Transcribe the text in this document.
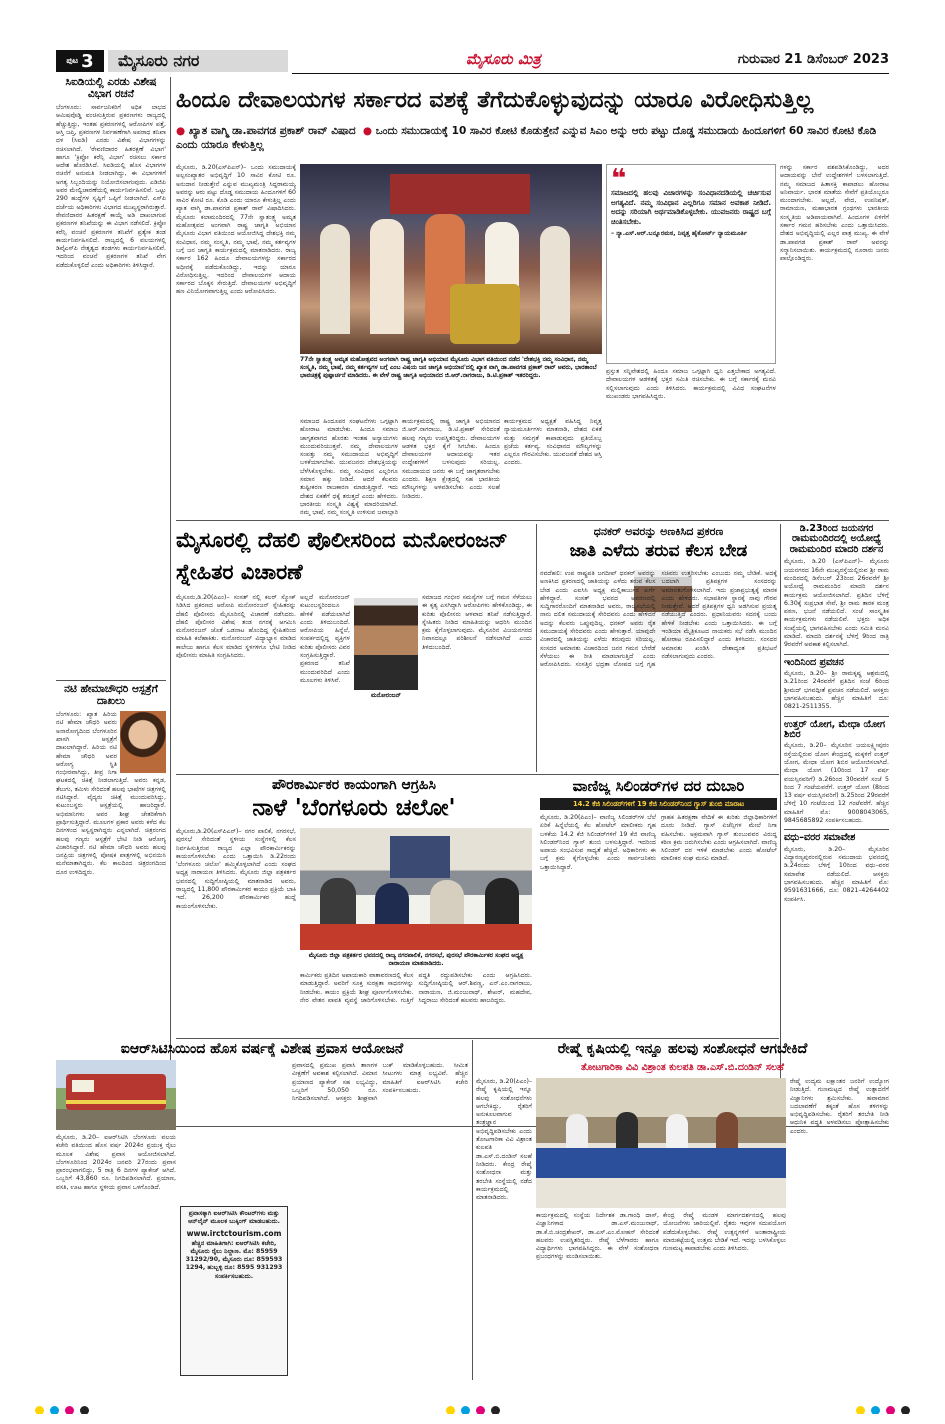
ಪುಟ 3	ಮೈಸೂರು ನಗರ	ಮೈಸೂರು ಮಿತ್ರ	ಗುರುವಾರ 21 ಡಿಸೆಂಬರ್ 2023
ಸಿಐಡಿಯಲ್ಲಿ ಎರಡು ವಿಶೇಷ ವಿಭಾಗ ರಚನೆ
ಬೆಂಗಳೂರು: ಸಾರ್ವಜನಿಕರಿಗೆ ಅಧಿಕ ಲಾಭದ ಆಮಿಷವೊಡ್ಡಿ ವಂಚಿಸುತ್ತಿರುವ ಪ್ರಕರಣಗಳು ರಾಜ್ಯದಲ್ಲಿ ಹೆಚ್ಚುತ್ತಿದ್ದು, ಇಂತಹ ಪ್ರಕರಣಗಳಲ್ಲಿ ಆರೋಪಿಗಳ ಪತ್ತೆ, ಆಸ್ತಿ ಜಪ್ತಿ, ಪ್ರಕರಣಗಳ ನಿರ್ವಹಣೆಗಾಗಿ ಅಪರಾಧ ತನಿಖಾ ದಳ (ಸಿಐಡಿ) ಎರಡು ವಿಶೇಷ ವಿಭಾಗಗಳನ್ನು ರಚಿಸಲಾಗಿದೆ. 'ಠೇವಣಿದಾರರ ಹಿತರಕ್ಷಣೆ ವಿಭಾಗ' ಹಾಗೂ 'ಕ್ರಿಪ್ಟೋ ಕರೆನ್ಸಿ ವಿಭಾಗ' ರಚಿಸಲು ಸರ್ಕಾರ ಆದೇಶ ಹೊರಡಿಸಿದೆ. ಸಿಐಡಿಯಲ್ಲಿ ಹೊಸ ವಿಭಾಗಗಳ ರಚನೆಗೆ ಅನುಮತಿ ನೀಡಲಾಗಿದ್ದು, ಈ ವಿಭಾಗಗಳಿಗೆ ಅಗತ್ಯ ಸಿಬ್ಬಂದಿಯನ್ನು ನಿಯೋಜಿಸಲಾಗುವುದು. ಎಡಿಜಿಪಿ ಅವರ ಮೇಲ್ವಿಚಾರಣೆಯಲ್ಲಿ ಕಾರ್ಯನಿರ್ವಹಿಸಲಿವೆ. ಒಟ್ಟು 290 ಹುದ್ದೆಗಳ ಸೃಷ್ಟಿಗೆ ಒಪ್ಪಿಗೆ ನೀಡಲಾಗಿದೆ. ಎಸ್‌ಪಿ ದರ್ಜೆಯ ಅಧಿಕಾರಿಗಳು ವಿಭಾಗದ ಮುಖ್ಯಸ್ಥರಾಗಿರುತ್ತಾರೆ. ಠೇವಣಿದಾರರ ಹಿತರಕ್ಷಣೆ ಕಾಯ್ದೆ ಅಡಿ ದಾಖಲಾಗುವ ಪ್ರಕರಣಗಳ ತನಿಖೆಯನ್ನು ಈ ವಿಭಾಗ ನಡೆಸಲಿದೆ. ಕ್ರಿಪ್ಟೋ ಕರೆನ್ಸಿ ವಂಚನೆ ಪ್ರಕರಣಗಳ ತನಿಖೆಗೆ ಪ್ರತ್ಯೇಕ ತಂಡ ಕಾರ್ಯನಿರ್ವಹಿಸಲಿದೆ. ರಾಜ್ಯದಲ್ಲಿ 6 ವಲಯಗಳಲ್ಲಿ ಡಿವೈಎಸ್‌ಪಿ ನೇತೃತ್ವದ ತಂಡಗಳು ಕಾರ್ಯನಿರ್ವಹಿಸಲಿವೆ. ಇದರಿಂದ ವಂಚನೆ ಪ್ರಕರಣಗಳ ತನಿಖೆ ವೇಗ ಪಡೆದುಕೊಳ್ಳಲಿದೆ ಎಂದು ಅಧಿಕಾರಿಗಳು ತಿಳಿಸಿದ್ದಾರೆ.
ನಟಿ ಹೇಮಾಚೌಧರಿ ಆಸ್ಪತ್ರೆಗೆ ದಾಖಲು
ಬೆಂಗಳೂರು: ಖ್ಯಾತ ಹಿರಿಯ ನಟಿ ಹೇಮಾ ಚೌಧರಿ ಅವರು ಅನಾರೋಗ್ಯದಿಂದ ಬೆಂಗಳೂರಿನ ಖಾಸಗಿ ಆಸ್ಪತ್ರೆಗೆ ದಾಖಲಾಗಿದ್ದಾರೆ. ಹಿರಿಯ ನಟಿ ಹೇಮಾ ಚೌಧರಿ ಅವರ ಆರೋಗ್ಯ ಸ್ಥಿತಿ ಗಂಭೀರವಾಗಿದ್ದು, ತೀವ್ರ ನಿಗಾ ಘಟಕದಲ್ಲಿ ಚಿಕಿತ್ಸೆ ನೀಡಲಾಗುತ್ತಿದೆ. ಅವರು ಕನ್ನಡ, ತೆಲುಗು, ತಮಿಳು ಸೇರಿದಂತೆ ಹಲವು ಭಾಷೆಗಳ ಚಿತ್ರಗಳಲ್ಲಿ ನಟಿಸಿದ್ದಾರೆ. ವೈದ್ಯರು ಚಿಕಿತ್ಸೆ ಮುಂದುವರಿಸಿದ್ದು, ಕುಟುಂಬಸ್ಥರು ಆಸ್ಪತ್ರೆಯಲ್ಲಿ ಹಾಜರಿದ್ದಾರೆ. ಅಭಿಮಾನಿಗಳು ಅವರ ಶೀಘ್ರ ಚೇತರಿಕೆಗಾಗಿ ಪ್ರಾರ್ಥಿಸುತ್ತಿದ್ದಾರೆ. ಮೂಲಗಳ ಪ್ರಕಾರ ಅವರು ಕಳೆದ ಕೆಲ ದಿನಗಳಿಂದ ಅಸ್ವಸ್ಥರಾಗಿದ್ದರು ಎನ್ನಲಾಗಿದೆ. ಚಿತ್ರರಂಗದ ಹಲವು ಗಣ್ಯರು ಆಸ್ಪತ್ರೆಗೆ ಭೇಟಿ ನೀಡಿ ಆರೋಗ್ಯ ವಿಚಾರಿಸಿದ್ದಾರೆ. ನಟಿ ಹೇಮಾ ಚೌಧರಿ ಅವರು ಹಲವು ಜನಪ್ರಿಯ ಚಿತ್ರಗಳಲ್ಲಿ ಪೋಷಕ ಪಾತ್ರಗಳಲ್ಲಿ ಅಭಿನಯಿಸಿ ಮನೆಮಾತಾಗಿದ್ದರು. ಕೆಲ ಕಾಲದಿಂದ ಚಿತ್ರರಂಗದಿಂದ ದೂರ ಉಳಿದಿದ್ದರು.
ಹಿಂದೂ ದೇವಾಲಯಗಳ ಸರ್ಕಾರದ ವಶಕ್ಕೆ ತೆಗೆದುಕೊಳ್ಳುವುದನ್ನು ಯಾರೂ ವಿರೋಧಿಸುತ್ತಿಲ್ಲ
● ಖ್ಯಾತ ವಾಗ್ಮಿ ಡಾ.ಪಾವಗಡ ಪ್ರಕಾಶ್ ರಾವ್ ವಿಷಾದ  ● ಒಂದು ಸಮುದಾಯಕ್ಕೆ 10 ಸಾವಿರ ಕೋಟಿ ಕೊಡುತ್ತೇನೆ ಎನ್ನುವ ಸಿಎಂ ಅನ್ನು ಆರು ಪಟ್ಟು ದೊಡ್ಡ ಸಮುದಾಯ ಹಿಂದೂಗಳಿಗೆ 60 ಸಾವಿರ ಕೋಟಿ ಕೊಡಿ ಎಂದು ಯಾರೂ ಕೇಳುತ್ತಿಲ್ಲ
ಮೈಸೂರು, ಡಿ.20(ಎಸ್‌ಪಿಎನ್)– ಒಂದು ಸಮುದಾಯಕ್ಕೆ ಅಲ್ಪಸಂಖ್ಯಾತರ ಅಭಿವೃದ್ಧಿಗೆ 10 ಸಾವಿರ ಕೋಟಿ ರೂ. ಅನುದಾನ ನೀಡುತ್ತೇನೆ ಎನ್ನುವ ಮುಖ್ಯಮಂತ್ರಿ ಸಿದ್ದರಾಮಯ್ಯ ಅವರನ್ನು ಆರು ಪಟ್ಟು ದೊಡ್ಡ ಸಮುದಾಯ ಹಿಂದೂಗಳಿಗೆ 60 ಸಾವಿರ ಕೋಟಿ ರೂ. ಕೊಡಿ ಎಂದು ಯಾರೂ ಕೇಳುತ್ತಿಲ್ಲ ಎಂದು ಖ್ಯಾತ ವಾಗ್ಮಿ ಡಾ.ಪಾವಗಡ ಪ್ರಕಾಶ್ ರಾವ್ ವಿಷಾದಿಸಿದರು. ಮೈಸೂರು ಕಲಾಮಂದಿರದಲ್ಲಿ 77ನೇ ಸ್ವಾತಂತ್ರ್ಯ ಅಮೃತ ಮಹೋತ್ಸವದ ಅಂಗವಾಗಿ ರಾಷ್ಟ್ರ ಜಾಗೃತಿ ಅಭಿಯಾನ ಮೈಸೂರು ವಿಭಾಗ ವತಿಯಿಂದ ಆಯೋಜಿಸಿದ್ದ ದೇಶಭಕ್ತಿ ನಮ್ಮ ಸಂವಿಧಾನ, ನಮ್ಮ ಸಂಸ್ಕೃತಿ, ನಮ್ಮ ಭಾಷೆ, ನಮ್ಮ ಕರ್ತವ್ಯಗಳ ಬಗ್ಗೆ ಜನ ಜಾಗೃತಿ ಕಾರ್ಯಕ್ರಮದಲ್ಲಿ ಮಾತನಾಡಿದರು. ರಾಜ್ಯ ಸರ್ಕಾರ 162 ಹಿಂದೂ ದೇವಾಲಯಗಳನ್ನು ಸರ್ಕಾರದ ಅಧೀನಕ್ಕೆ ಪಡೆದುಕೊಂಡಿದ್ದು, ಇದನ್ನು ಯಾರೂ ವಿರೋಧಿಸುತ್ತಿಲ್ಲ. ಇದರಿಂದ ದೇವಾಲಯಗಳ ಆದಾಯ ಸರ್ಕಾರದ ಬೊಕ್ಕಸ ಸೇರುತ್ತಿದೆ. ದೇವಾಲಯಗಳ ಅಭಿವೃದ್ಧಿಗೆ ಹಣ ವಿನಿಯೋಗವಾಗುತ್ತಿಲ್ಲ ಎಂದು ಆರೋಪಿಸಿದರು.
77ನೇ ಸ್ವಾತಂತ್ರ್ಯ ಅಮೃತ ಮಹೋತ್ಸವದ ಅಂಗವಾಗಿ ರಾಷ್ಟ್ರ ಜಾಗೃತಿ ಅಭಿಯಾನ ಮೈಸೂರು ವಿಭಾಗ ವತಿಯಿಂದ ನಡೆದ 'ದೇಶಭಕ್ತಿ ನಮ್ಮ ಸಂವಿಧಾನ, ನಮ್ಮ ಸಂಸ್ಕೃತಿ, ನಮ್ಮ ಭಾಷೆ, ನಮ್ಮ ಕರ್ತವ್ಯಗಳ ಬಗ್ಗೆ ಎಂಬ ವಿಷಯ ಜನ ಜಾಗೃತಿ ಅಭಿಯಾನ'ದಲ್ಲಿ ಖ್ಯಾತ ವಾಗ್ಮಿ ಡಾ.ಪಾವಗಡ ಪ್ರಕಾಶ್ ರಾವ್ ಅವರು, ಭಾರತಾಂಬೆ ಭಾವಚಿತ್ರಕ್ಕೆ ಪುಷ್ಪಾರ್ಚನೆ ಮಾಡಿದರು. ಈ ವೇಳೆ ರಾಷ್ಟ್ರ ಜಾಗೃತಿ ಅಭಿಯಾನದ ಜಿ.ಆರ್.ನಾಗರಾಜು, ಡಿ.ಟಿ.ಪ್ರಕಾಶ್ ಇತರರಿದ್ದರು.
ಸಮಾಜದ ಹಿಂದೂಪರ ಸಂಘಟನೆಗಳು ಒಗ್ಗಟ್ಟಾಗಿ ಹೋರಾಟ ಮಾಡಬೇಕು. ಹಿಂದೂ ಸಮಾಜ ಜಾಗೃತವಾಗದ ಹೊರತು ಇಂತಹ ಅನ್ಯಾಯಗಳು ಮುಂದುವರಿಯುತ್ತವೆ. ನಮ್ಮ ದೇವಾಲಯಗಳ ಸಂಪತ್ತು ನಮ್ಮ ಸಮುದಾಯದ ಅಭಿವೃದ್ಧಿಗೆ ಬಳಕೆಯಾಗಬೇಕು. ಯುವಜನರು ದೇಶಭಕ್ತಿಯನ್ನು ಬೆಳೆಸಿಕೊಳ್ಳಬೇಕು. ನಮ್ಮ ಸಂವಿಧಾನ ಎಲ್ಲರಿಗೂ ಸಮಾನ ಹಕ್ಕು ನೀಡಿದೆ. ಆದರೆ ಕೆಲವರು ತುಷ್ಟೀಕರಣ ರಾಜಕಾರಣ ಮಾಡುತ್ತಿದ್ದಾರೆ. ಇದು ದೇಶದ ಏಕತೆಗೆ ಧಕ್ಕೆ ತರುತ್ತದೆ ಎಂದು ಹೇಳಿದರು. ಭಾರತೀಯ ಸಂಸ್ಕೃತಿ ವಿಶ್ವಕ್ಕೆ ಮಾದರಿಯಾಗಿದೆ. ನಮ್ಮ ಭಾಷೆ, ನಮ್ಮ ಸಂಸ್ಕೃತಿ ಉಳಿಸುವ ಜವಾಬ್ದಾರಿ
ಕಾರ್ಯಕ್ರಮದಲ್ಲಿ ರಾಷ್ಟ್ರ ಜಾಗೃತಿ ಅಭಿಯಾನದ ಜಿ.ಆರ್.ನಾಗರಾಜು, ಡಿ.ಟಿ.ಪ್ರಕಾಶ್ ಸೇರಿದಂತೆ ಹಲವು ಗಣ್ಯರು ಉಪಸ್ಥಿತರಿದ್ದರು. ದೇವಾಲಯಗಳ ಆಡಳಿತ ಭಕ್ತರ ಕೈಗೆ ಸಿಗಬೇಕು. ಹಿಂದೂ ದೇವಾಲಯಗಳ ಆದಾಯವನ್ನು ಇತರ ಉದ್ದೇಶಗಳಿಗೆ ಬಳಸುವುದು ಸರಿಯಲ್ಲ. ಸಮುದಾಯದ ಜನರು ಈ ಬಗ್ಗೆ ಜಾಗೃತರಾಗಬೇಕು ಎಂದರು. ಶಿಕ್ಷಣ ಕ್ಷೇತ್ರದಲ್ಲಿ ಸಹ ಭಾರತೀಯ ಮೌಲ್ಯಗಳನ್ನು ಅಳವಡಿಸಬೇಕು ಎಂದು ಸಲಹೆ ನೀಡಿದರು.
ಕಾರ್ಯಕ್ರಮದ ಅಧ್ಯಕ್ಷತೆ ವಹಿಸಿದ್ದ ನಿವೃತ್ತ ನ್ಯಾಯಮೂರ್ತಿಗಳು ಮಾತನಾಡಿ, ದೇಶದ ಏಕತೆ ಮತ್ತು ಸಮಗ್ರತೆ ಕಾಪಾಡುವುದು ಪ್ರತಿಯೊಬ್ಬ ಪ್ರಜೆಯ ಕರ್ತವ್ಯ. ಸಂವಿಧಾನದ ಮೌಲ್ಯಗಳನ್ನು ಎಲ್ಲರೂ ಗೌರವಿಸಬೇಕು. ಯುವಜನತೆ ದೇಶದ ಆಸ್ತಿ ಎಂದರು.
❝
ಸಮಾಜದಲ್ಲಿ ಹಲವು ವಿಚಾರಗಳನ್ನು ಸಂವಿಧಾನದಡಿಯಲ್ಲಿ ಚರ್ಚಿಸುವ ಅಗತ್ಯವಿದೆ. ನಮ್ಮ ಸಂವಿಧಾನ ಎಲ್ಲರಿಗೂ ಸಮಾನ ಅವಕಾಶ ನೀಡಿದೆ. ಅದನ್ನು ಸರಿಯಾಗಿ ಅರ್ಥಮಾಡಿಕೊಳ್ಳಬೇಕು. ಯುವಜನರು ರಾಷ್ಟ್ರದ ಬಗ್ಗೆ ಚಿಂತಿಸಬೇಕು.
– ನ್ಯಾ.ಎಸ್.ಆರ್.ಬನ್ನೂರಮಠ, ನಿವೃತ್ತ ಹೈಕೋರ್ಟ್ ನ್ಯಾಯಮೂರ್ತಿ
ಗಳನ್ನು ಸರ್ಕಾರ ವಶಪಡಿಸಿಕೊಂಡಿದ್ದು, ಅದರ ಆದಾಯವನ್ನು ಬೇರೆ ಉದ್ದೇಶಗಳಿಗೆ ಬಳಸಲಾಗುತ್ತಿದೆ. ನಮ್ಮ ಸಮಾಜದ ಹಿತಾಸಕ್ತಿ ಕಾಪಾಡಲು ಹೋರಾಟ ಅನಿವಾರ್ಯ. ಭಾರತ ಮಾತೆಯ ಸೇವೆಗೆ ಪ್ರತಿಯೊಬ್ಬರೂ ಮುಂದಾಗಬೇಕು. ಅಲ್ಲದೆ, ವೇದ, ಉಪನಿಷತ್, ರಾಮಾಯಣ, ಮಹಾಭಾರತ ಗ್ರಂಥಗಳು ಭಾರತೀಯ ಸಂಸ್ಕೃತಿಯ ಅಡಿಪಾಯವಾಗಿವೆ. ಹಿಂದೂಗಳ ಏಳಿಗೆಗೆ ಸರ್ಕಾರ ಗಮನ ಹರಿಸಬೇಕು ಎಂದು ಒತ್ತಾಯಿಸಿದರು. ದೇಶದ ಅಭಿವೃದ್ಧಿಯಲ್ಲಿ ಎಲ್ಲರ ಪಾತ್ರ ಮುಖ್ಯ. ಈ ವೇಳೆ ಡಾ.ಪಾವಗಡ ಪ್ರಕಾಶ್ ರಾವ್ ಅವರನ್ನು ಸನ್ಮಾನಿಸಲಾಯಿತು. ಕಾರ್ಯಕ್ರಮದಲ್ಲಿ ನೂರಾರು ಜನರು ಪಾಲ್ಗೊಂಡಿದ್ದರು.
ಪ್ರಸ್ತುತ ಸನ್ನಿವೇಶದಲ್ಲಿ ಹಿಂದೂ ಸಮಾಜ ಒಗ್ಗಟ್ಟಾಗಿ ಧ್ವನಿ ಎತ್ತಬೇಕಾದ ಅಗತ್ಯವಿದೆ. ದೇವಾಲಯಗಳ ಆಡಳಿತಕ್ಕೆ ಭಕ್ತರ ಸಮಿತಿ ರಚಿಸಬೇಕು. ಈ ಬಗ್ಗೆ ಸರ್ಕಾರಕ್ಕೆ ಮನವಿ ಸಲ್ಲಿಸಲಾಗುವುದು ಎಂದು ತಿಳಿಸಿದರು. ಕಾರ್ಯಕ್ರಮದಲ್ಲಿ ವಿವಿಧ ಸಂಘಟನೆಗಳ ಮುಖಂಡರು ಭಾಗವಹಿಸಿದ್ದರು.
ಮೈಸೂರಲ್ಲಿ ದೆಹಲಿ ಪೊಲೀಸರಿಂದ ಮನೋರಂಜನ್ ಸ್ನೇಹಿತರ ವಿಚಾರಣೆ
ಮೈಸೂರು,ಡಿ.20(ಪಿಎಂ)– ಸಂಸತ್ ನಲ್ಲಿ ಕಲರ್ ಸ್ಮೋಕ್ ಸಿಡಿಸಿದ ಪ್ರಕರಣದ ಆರೋಪಿ ಮನೋರಂಜನ್ ಸ್ನೇಹಿತರನ್ನು ದೆಹಲಿ ಪೊಲೀಸರು ಮೈಸೂರಿನಲ್ಲಿ ವಿಚಾರಣೆ ನಡೆಸಿದರು. ದೆಹಲಿ ಪೊಲೀಸರ ವಿಶೇಷ ತಂಡ ನಗರಕ್ಕೆ ಆಗಮಿಸಿ ಮನೋರಂಜನ್ ಜೊತೆ ಒಡನಾಟ ಹೊಂದಿದ್ದ ಸ್ನೇಹಿತರಿಂದ ಮಾಹಿತಿ ಕಲೆಹಾಕಿತು. ಮನೋರಂಜನ್ ವಿದ್ಯಾಭ್ಯಾಸ ಮಾಡಿದ ಕಾಲೇಜು ಹಾಗೂ ಕೆಲಸ ಮಾಡಿದ ಸ್ಥಳಗಳಿಗೂ ಭೇಟಿ ನೀಡಿದ ಪೊಲೀಸರು ಮಾಹಿತಿ ಸಂಗ್ರಹಿಸಿದರು.
ಅಲ್ಲದೆ ಮನೋರಂಜನ್ ಕುಟುಂಬಸ್ಥರಿಂದಲೂ ಹೇಳಿಕೆ ಪಡೆಯಲಾಗಿದೆ ಎಂದು ತಿಳಿದುಬಂದಿದೆ. ಆರೋಪಿಯ ಹಿನ್ನೆಲೆ, ಸಂಪರ್ಕದಲ್ಲಿದ್ದ ವ್ಯಕ್ತಿಗಳ ಕುರಿತು ಪೊಲೀಸರು ವಿವರ ಸಂಗ್ರಹಿಸುತ್ತಿದ್ದಾರೆ. ಪ್ರಕರಣದ ತನಿಖೆ ಮುಂದುವರಿದಿದೆ ಎಂದು ಮೂಲಗಳು ತಿಳಿಸಿವೆ.
ಮನೋರಂಜನ್
ಸಮಾಜದ ಗಂಭೀರ ಸಮಸ್ಯೆಗಳ ಬಗ್ಗೆ ಗಮನ ಸೆಳೆಯಲು ಈ ಕೃತ್ಯ ಎಸಗಿದ್ದಾಗಿ ಆರೋಪಿಗಳು ಹೇಳಿಕೊಂಡಿದ್ದು, ಈ ಕುರಿತು ಪೊಲೀಸರು ಆಳವಾದ ತನಿಖೆ ನಡೆಸುತ್ತಿದ್ದಾರೆ. ಸ್ನೇಹಿತರು ನೀಡಿದ ಮಾಹಿತಿಯನ್ನು ಆಧರಿಸಿ ಮುಂದಿನ ಕ್ರಮ ಕೈಗೊಳ್ಳಲಾಗುವುದು. ಮೈಸೂರಿನ ವಿಜಯನಗರದ ನಿವಾಸದಲ್ಲೂ ಪರಿಶೀಲನೆ ನಡೆಸಲಾಗಿದೆ ಎಂದು ತಿಳಿದುಬಂದಿದೆ.
ಧನಕರ್ ಅವರನ್ನು ಅಣಕಿಸಿದ ಪ್ರಕರಣ
ಜಾತಿ ಎಳೆದು ತರುವ ಕೆಲಸ ಬೇಡ
ನವದೆಹಲಿ: ಉಪ ರಾಷ್ಟ್ರಪತಿ ಜಗದೀಪ್ ಧನಕರ್ ಅವರನ್ನು ಅಣಕಿಸಿದ ಪ್ರಕರಣದಲ್ಲಿ ಜಾತಿಯನ್ನು ಎಳೆದು ತರುವ ಕೆಲಸ ಬೇಡ ಎಂದು ಎಐಸಿಸಿ ಅಧ್ಯಕ್ಷ ಮಲ್ಲಿಕಾರ್ಜುನ ಖರ್ಗೆ ಹೇಳಿದ್ದಾರೆ. ಸಂಸತ್ ಭವನದ ಆವರಣದಲ್ಲಿ ಸುದ್ದಿಗಾರರೊಂದಿಗೆ ಮಾತನಾಡಿದ ಅವರು, ರಾಜ್ಯಸಭೆಯಲ್ಲಿ ನಾನು ದಲಿತ ಸಮುದಾಯಕ್ಕೆ ಸೇರಿದವನು ಎಂದು ಹೇಳಿದರೆ ಅದನ್ನು ಕೆಲವರು ಒಪ್ಪುವುದಿಲ್ಲ. ಧನಕರ್ ಅವರು ರೈತ ಸಮುದಾಯಕ್ಕೆ ಸೇರಿದವರು ಎಂದು ಹೇಳುತ್ತಾರೆ. ಯಾವುದೇ ವಿಚಾರದಲ್ಲಿ ಜಾತಿಯನ್ನು ಎಳೆದು ತರುವುದು ಸರಿಯಲ್ಲ. ಸಂಸದರ ಅಮಾನತು ವಿಚಾರದಿಂದ ಜನರ ಗಮನ ಬೇರೆಡೆ ಸೆಳೆಯಲು ಈ ರೀತಿ ಮಾಡಲಾಗುತ್ತಿದೆ ಎಂದು ಆರೋಪಿಸಿದರು. ಸಂಸತ್ತಿನ ಭದ್ರತಾ ಲೋಪದ ಬಗ್ಗೆ ಗೃಹ ಸಚಿವರು ಉತ್ತರಿಸಬೇಕು ಎಂಬುದು ನಮ್ಮ ಬೇಡಿಕೆ. ಅದಕ್ಕೆ ಬದಲಾಗಿ ಪ್ರತಿಪಕ್ಷಗಳ ಸಂಸದರನ್ನು ಅಮಾನತುಗೊಳಿಸಲಾಗಿದೆ. ಇದು ಪ್ರಜಾಪ್ರಭುತ್ವಕ್ಕೆ ಮಾರಕ ಎಂದು ಹೇಳಿದರು. ಸಭಾಪತಿಗಳ ಸ್ಥಾನಕ್ಕೆ ನಾವು ಗೌರವ ನೀಡುತ್ತೇವೆ. ಆದರೆ ಪ್ರತಿಪಕ್ಷಗಳ ಧ್ವನಿ ಅಡಗಿಸುವ ಪ್ರಯತ್ನ ನಡೆಯುತ್ತಿದೆ ಎಂದರು. ಪ್ರಧಾನಿಯವರು ಸದನಕ್ಕೆ ಬಂದು ಹೇಳಿಕೆ ನೀಡಬೇಕು ಎಂದು ಒತ್ತಾಯಿಸಿದರು. ಈ ಬಗ್ಗೆ ಇಂಡಿಯಾ ಮೈತ್ರಿಕೂಟದ ನಾಯಕರು ಸಭೆ ನಡೆಸಿ ಮುಂದಿನ ಹೋರಾಟ ರೂಪಿಸಲಿದ್ದಾರೆ ಎಂದು ತಿಳಿಸಿದರು. ಸಂಸದರ ಅಮಾನತು ಖಂಡಿಸಿ ದೇಶಾದ್ಯಂತ ಪ್ರತಿಭಟನೆ ನಡೆಸಲಾಗುವುದು ಎಂದರು.
ಡಿ.23ರಿಂದ ಜಯನಗರ ರಾಮಮಂದಿರದಲ್ಲಿ ಅಯೋಧ್ಯೆ ರಾಮಮಂದಿರ ಮಾದರಿ ದರ್ಶನ
ಮೈಸೂರು, ಡಿ.20 (ಎಸ್‌ಪಿಎನ್)– ಮೈಸೂರು ಜಯನಗರದ 16ನೇ ಮುಖ್ಯರಸ್ತೆಯಲ್ಲಿರುವ ಶ್ರೀ ರಾಮ ಮಂದಿರದಲ್ಲಿ ಡಿಸೆಂಬರ್ 23ರಿಂದ 26ರವರೆಗೆ ಶ್ರೀ ಅಯೋಧ್ಯೆ ರಾಮಮಂದಿರ ಮಾದರಿ ದರ್ಶನ ಕಾರ್ಯಕ್ರಮ ಆಯೋಜಿಸಲಾಗಿದೆ. ಪ್ರತಿದಿನ ಬೆಳಿಗ್ಗೆ 6.30ಕ್ಕೆ ಸುಪ್ರಭಾತ ಸೇವೆ, ಶ್ರೀ ರಾಮ ತಾರಕ ಮಂತ್ರ ಪಠಣ, ಭಜನೆ ನಡೆಯಲಿದೆ. ಸಂಜೆ ಸಾಂಸ್ಕೃತಿಕ ಕಾರ್ಯಕ್ರಮಗಳು ನಡೆಯಲಿವೆ. ಭಕ್ತರು ಅಧಿಕ ಸಂಖ್ಯೆಯಲ್ಲಿ ಭಾಗವಹಿಸಬೇಕು ಎಂದು ಸಮಿತಿ ಮನವಿ ಮಾಡಿದೆ. ಮಾದರಿ ದರ್ಶನಕ್ಕೆ ಬೆಳಿಗ್ಗೆ 9ರಿಂದ ರಾತ್ರಿ 9ರವರೆಗೆ ಅವಕಾಶ ಕಲ್ಪಿಸಲಾಗಿದೆ.
ಇಂದಿನಿಂದ ಪ್ರವಚನ
ಮೈಸೂರು, ಡಿ.20– ಶ್ರೀ ರಾಮಕೃಷ್ಣ ಆಶ್ರಮದಲ್ಲಿ ಡಿ.21ರಿಂದ 24ರವರೆಗೆ ಪ್ರತಿದಿನ ಸಂಜೆ 6ರಿಂದ ಶ್ರೀಮದ್ ಭಗವದ್ಗೀತೆ ಪ್ರವಚನ ನಡೆಯಲಿದೆ. ಆಸಕ್ತರು ಭಾಗವಹಿಸಬಹುದು. ಹೆಚ್ಚಿನ ಮಾಹಿತಿಗೆ ದೂ: 0821-2511355.
ಉತ್ತರ್ ಯೋಗ, ಮೇಧಾ ಯೋಗ ಶಿಬಿರ
ಮೈಸೂರು, ಡಿ.20– ಮೈಸೂರಿನ ಜಯಲಕ್ಷ್ಮೀಪುರಂ ರಸ್ತೆಯಲ್ಲಿರುವ ಯೋಗ ಕೇಂದ್ರದಲ್ಲಿ ಮಕ್ಕಳಿಗೆ ಉತ್ತರ್ ಯೋಗ, ಮೇಧಾ ಯೋಗ ಶಿಬಿರ ಆಯೋಜಿಸಲಾಗಿದೆ. ಮೇಧಾ ಯೋಗ (10ರಿಂದ 17 ವರ್ಷ ವಯಸ್ಸಿನವರಿಗೆ) ಡಿ.26ರಿಂದ 30ರವರೆಗೆ ಸಂಜೆ 5 ರಿಂದ 7 ಗಂಟೆಯವರೆಗೆ. ಉತ್ತರ್ ಯೋಗ (8ರಿಂದ 13 ವರ್ಷ ವಯಸ್ಸಿನವರಿಗೆ) ಡಿ.25ರಿಂದ 29ರವರೆಗೆ ಬೆಳಿಗ್ಗೆ 10 ಗಂಟೆಯಿಂದ 12 ಗಂಟೆವರೆಗೆ. ಹೆಚ್ಚಿನ ಮಾಹಿತಿಗೆ ಮೊ: 9008043065, 9845685892 ಸಂಪರ್ಕಿಸಬಹುದು.
ವಧು–ವರರ ಸಮಾವೇಶ
ಮೈಸೂರು, ಡಿ.20– ಮೈಸೂರಿನ ವಿದ್ಯಾರಣ್ಯಪುರಂನಲ್ಲಿರುವ ಸಮುದಾಯ ಭವನದಲ್ಲಿ ಡಿ.24ರಂದು ಬೆಳಿಗ್ಗೆ 10ರಿಂದ ವಧು–ವರರ ಸಮಾವೇಶ ನಡೆಯಲಿದೆ. ಆಸಕ್ತರು ಭಾಗವಹಿಸಬಹುದು. ಹೆಚ್ಚಿನ ಮಾಹಿತಿಗೆ ಮೊ: 9591631666, ದೂ: 0821–4264402 ಸಂಪರ್ಕಿಸಿ.
ಪೌರಕಾರ್ಮಿಕರ ಕಾಯಂಗಾಗಿ ಆಗ್ರಹಿಸಿ
ನಾಳೆ 'ಬೆಂಗಳೂರು ಚಲೋ'
ಮೈಸೂರು,ಡಿ.20(ಎಸ್‌ಪಿಎನ್)– ನಗರ ಪಾಲಿಕೆ, ನಗರಸಭೆ, ಪುರಸಭೆ ಸೇರಿದಂತೆ ಸ್ಥಳೀಯ ಸಂಸ್ಥೆಗಳಲ್ಲಿ ಕೆಲಸ ನಿರ್ವಹಿಸುತ್ತಿರುವ ರಾಜ್ಯದ ಎಲ್ಲಾ ಪೌರಕಾರ್ಮಿಕರನ್ನು ಕಾಯಂಗೊಳಿಸಬೇಕು ಎಂದು ಒತ್ತಾಯಿಸಿ ಡಿ.22ರಂದು 'ಬೆಂಗಳೂರು ಚಲೋ' ಹಮ್ಮಿಕೊಳ್ಳಲಾಗಿದೆ ಎಂದು ಸಂಘದ ಅಧ್ಯಕ್ಷ ನಾರಾಯಣ ತಿಳಿಸಿದರು. ಮೈಸೂರು ಜಿಲ್ಲಾ ಪತ್ರಕರ್ತರ ಭವನದಲ್ಲಿ ಸುದ್ದಿಗೋಷ್ಠಿಯಲ್ಲಿ ಮಾತನಾಡಿದ ಅವರು, ರಾಜ್ಯದಲ್ಲಿ 11,800 ಪೌರಕಾರ್ಮಿಕರ ಕಾಯಂ ಪ್ರಕ್ರಿಯೆ ಬಾಕಿ ಇದೆ. 26,200 ಪೌರಕಾರ್ಮಿಕರ ಹುದ್ದೆ ಕಾಯಂಗೊಳಿಸಬೇಕು.
ಮೈಸೂರು ಜಿಲ್ಲಾ ಪತ್ರಕರ್ತರ ಭವನದಲ್ಲಿ ರಾಜ್ಯ ನಗರಪಾಲಿಕೆ, ನಗರಸಭೆ, ಪುರಸಭೆ ಪೌರಕಾರ್ಮಿಕರ ಸಂಘದ ಅಧ್ಯಕ್ಷ ನಾರಾಯಣ ಮಾತನಾಡಿದರು.
ಕಾರ್ಮಿಕರು ಪ್ರತಿದಿನ ಅಪಾಯಕಾರಿ ವಾತಾವರಣದಲ್ಲಿ ಕೆಲಸ ಮಾಡುತ್ತಿದ್ದಾರೆ. ಅವರಿಗೆ ಸೂಕ್ತ ಸುರಕ್ಷತಾ ಸಾಧನಗಳನ್ನು ನೀಡಬೇಕು. ಕಾಯಂ ಪ್ರಕ್ರಿಯೆ ಶೀಘ್ರ ಪೂರ್ಣಗೊಳಿಸಬೇಕು. ನೇರ ವೇತನ ಪಾವತಿ ವ್ಯವಸ್ಥೆ ಜಾರಿಗೊಳಿಸಬೇಕು. ಗುತ್ತಿಗೆ ಪದ್ಧತಿ ರದ್ದುಪಡಿಸಬೇಕು ಎಂದು ಆಗ್ರಹಿಸಿದರು. ಸುದ್ದಿಗೋಷ್ಠಿಯಲ್ಲಿ ಆರ್.ಶಿವಣ್ಣ, ಎನ್.ಎಂ.ನಾಗರಾಜು, ನಾರಾಯಣ, ಜಿ.ಮಂಜುನಾಥ್, ಶೇಖರ್, ಮಹದೇವ, ಸಿದ್ದರಾಜು ಸೇರಿದಂತೆ ಹಲವರು ಹಾಜರಿದ್ದರು.
ವಾಣಿಜ್ಯ ಸಿಲಿಂಡರ್‌ಗಳ ದರ ದುಬಾರಿ
14.2 ಕೆಜಿ ಸಿಲಿಂಡರ್‌ಗಳಿಗೆ 19 ಕೆಜಿ ಸಿಲಿಂಡರ್‌ನಿಂದ ಗ್ಯಾಸ್ ತುಂಬಿ ಮಾರಾಟ
ಮೈಸೂರು, ಡಿ.20(ಪಿಎಂ)– ವಾಣಿಜ್ಯ ಸಿಲಿಂಡರ್‌ಗಳ ಬೆಲೆ ಏರಿಕೆ ಹಿನ್ನೆಲೆಯಲ್ಲಿ ಕೆಲ ಹೋಟೆಲ್ ಮಾಲೀಕರು ಗೃಹ ಬಳಕೆಯ 14.2 ಕೆಜಿ ಸಿಲಿಂಡರ್‌ಗಳಿಗೆ 19 ಕೆಜಿ ವಾಣಿಜ್ಯ ಸಿಲಿಂಡರ್‌ನಿಂದ ಗ್ಯಾಸ್ ತುಂಬಿ ಬಳಸುತ್ತಿದ್ದಾರೆ. ಇದರಿಂದ ಅಪಾಯ ಸಂಭವಿಸುವ ಸಾಧ್ಯತೆ ಹೆಚ್ಚಿದೆ. ಅಧಿಕಾರಿಗಳು ಈ ಬಗ್ಗೆ ಕ್ರಮ ಕೈಗೊಳ್ಳಬೇಕು ಎಂದು ಸಾರ್ವಜನಿಕರು ಒತ್ತಾಯಿಸಿದ್ದಾರೆ.
ಗ್ರಾಹಕ ಹಿತರಕ್ಷಣಾ ವೇದಿಕೆ ಈ ಕುರಿತು ಜಿಲ್ಲಾಧಿಕಾರಿಗಳಿಗೆ ದೂರು ನೀಡಿದೆ. ಗ್ಯಾಸ್ ಏಜೆನ್ಸಿಗಳ ಮೇಲೆ ನಿಗಾ ವಹಿಸಬೇಕು. ಅಕ್ರಮವಾಗಿ ಗ್ಯಾಸ್ ತುಂಬುವವರ ವಿರುದ್ಧ ಕಠಿಣ ಕ್ರಮ ಜರುಗಿಸಬೇಕು ಎಂದು ಆಗ್ರಹಿಸಲಾಗಿದೆ. ವಾಣಿಜ್ಯ ಸಿಲಿಂಡರ್ ದರ ಇಳಿಕೆ ಮಾಡಬೇಕು ಎಂದು ಹೋಟೆಲ್ ಮಾಲೀಕರ ಸಂಘ ಮನವಿ ಮಾಡಿದೆ.
ಐಆರ್‌ಸಿಟಿಸಿಯಿಂದ ಹೊಸ ವರ್ಷಕ್ಕೆ ವಿಶೇಷ ಪ್ರವಾಸ ಆಯೋಜನೆ
ಮೈಸೂರು, ಡಿ.20– ಐಆರ್‌ಸಿಟಿಸಿ ಬೆಂಗಳೂರು ವಲಯ ಕಚೇರಿ ವತಿಯಿಂದ ಹೊಸ ವರ್ಷ 2024ರ ಪ್ರಯುಕ್ತ ರೈಲು ಮೂಲಕ ವಿಶೇಷ ಪ್ರವಾಸ ಆಯೋಜಿಸಲಾಗಿದೆ. ಬೆಂಗಳೂರಿನಿಂದ 2024ರ ಜನವರಿ 27ರಂದು ಪ್ರವಾಸ ಪ್ರಾರಂಭವಾಗಲಿದ್ದು, 5 ರಾತ್ರಿ 6 ದಿನಗಳ ಪ್ಯಾಕೇಜ್ ಆಗಿದೆ. ಒಬ್ಬರಿಗೆ 43,860 ರೂ. ನಿಗದಿಪಡಿಸಲಾಗಿದೆ. ಪ್ರಯಾಣ, ವಸತಿ, ಊಟ ಹಾಗೂ ಸ್ಥಳೀಯ ಪ್ರವಾಸ ಒಳಗೊಂಡಿದೆ.
ಪ್ರವಾಸಕ್ಕಾಗಿ ಐಆರ್‌ಸಿಟಿಸಿ ಕೌಂಟರ್‌ಗಳು ಮತ್ತು ಆನ್‌ಲೈನ್ ಮೂಲಕ ಬುಕ್ಕಿಂಗ್ ಮಾಡಬಹುದು.
www.irctctourism.com
ಹೆಚ್ಚಿನ ಮಾಹಿತಿಗಾಗಿ: ಐಆರ್‌ಸಿಟಿಸಿ ಕಚೇರಿ, ಮೈಸೂರು ರೈಲು ನಿಲ್ದಾಣ. ಮೊ: 85959 31292/90, ಮೈಸೂರು ದೂ: 859593 1294, ಹುಬ್ಬಳ್ಳಿ ದೂ: 8595 931293 ಸಂಪರ್ಕಿಸಬಹುದು.
ಪ್ರವಾಸದಲ್ಲಿ ಪ್ರಮುಖ ಪ್ರವಾಸಿ ತಾಣಗಳ ವೀಕ್ಷಣೆಗೆ ಅವಕಾಶ ಕಲ್ಪಿಸಲಾಗಿದೆ. ವಿಮಾನ ಪ್ರಯಾಣದ ಪ್ಯಾಕೇಜ್ ಸಹ ಲಭ್ಯವಿದ್ದು, ಒಬ್ಬರಿಗೆ 50,050 ರೂ. ನಿಗದಿಪಡಿಸಲಾಗಿದೆ. ಆಸಕ್ತರು ಶೀಘ್ರವಾಗಿ ಬುಕ್ ಮಾಡಿಕೊಳ್ಳಬಹುದು. ಸೀಮಿತ ಸೀಟುಗಳು ಮಾತ್ರ ಲಭ್ಯವಿವೆ. ಹೆಚ್ಚಿನ ಮಾಹಿತಿಗೆ ಐಆರ್‌ಸಿಟಿಸಿ ಕಚೇರಿ ಸಂಪರ್ಕಿಸಬಹುದು.
ರೇಷ್ಮೆ ಕೃಷಿಯಲ್ಲಿ ಇನ್ನೂ ಹಲವು ಸಂಶೋಧನೆ ಆಗಬೇಕಿದೆ
ತೋಟಗಾರಿಕಾ ವಿವಿ ವಿಶ್ರಾಂತ ಕುಲಪತಿ ಡಾ.ಎಸ್.ಬಿ.ದಂಡಿನ್ ಸಲಹೆ
ಮೈಸೂರು, ಡಿ.20(ಪಿಎಂ)– ರೇಷ್ಮೆ ಕೃಷಿಯಲ್ಲಿ ಇನ್ನೂ ಹಲವು ಸಂಶೋಧನೆಗಳು ಆಗಬೇಕಿದ್ದು, ರೈತರಿಗೆ ಅನುಕೂಲವಾಗುವ ತಂತ್ರಜ್ಞಾನ ಅಭಿವೃದ್ಧಿಪಡಿಸಬೇಕು ಎಂದು ತೋಟಗಾರಿಕಾ ವಿವಿ ವಿಶ್ರಾಂತ ಕುಲಪತಿ ಡಾ.ಎಸ್.ಬಿ.ದಂಡಿನ್ ಸಲಹೆ ನೀಡಿದರು. ಕೇಂದ್ರ ರೇಷ್ಮೆ ಸಂಶೋಧನಾ ಮತ್ತು ತರಬೇತಿ ಸಂಸ್ಥೆಯಲ್ಲಿ ನಡೆದ ಕಾರ್ಯಕ್ರಮದಲ್ಲಿ ಮಾತನಾಡಿದರು.
ರೇಷ್ಮೆ ಉದ್ಯಮ ಲಕ್ಷಾಂತರ ಜನರಿಗೆ ಉದ್ಯೋಗ ನೀಡುತ್ತಿದೆ. ಗುಣಮಟ್ಟದ ರೇಷ್ಮೆ ಉತ್ಪಾದನೆಗೆ ವಿಜ್ಞಾನಿಗಳು ಶ್ರಮಿಸಬೇಕು. ಹವಾಮಾನ ಬದಲಾವಣೆಗೆ ತಕ್ಕಂತೆ ಹೊಸ ತಳಿಗಳನ್ನು ಅಭಿವೃದ್ಧಿಪಡಿಸಬೇಕು. ರೈತರಿಗೆ ತರಬೇತಿ ನೀಡಿ ಆಧುನಿಕ ಪದ್ಧತಿ ಅಳವಡಿಸಲು ಪ್ರೋತ್ಸಾಹಿಸಬೇಕು ಎಂದರು.
ಕಾರ್ಯಕ್ರಮದಲ್ಲಿ ಸಂಸ್ಥೆಯ ನಿರ್ದೇಶಕ ಡಾ.ಗಾಂಧಿ ದಾಸ್, ವಿಜ್ಞಾನಿಗಳಾದ ಡಾ.ಎಸ್.ಮಂಜುನಾಥ್, ಡಾ.ಕೆ.ಬಿ.ಚಂದ್ರಶೇಖರ್, ಡಾ.ಎಸ್.ಎಂ.ಮೋಹನ್ ಸೇರಿದಂತೆ ಹಲವರು ಉಪಸ್ಥಿತರಿದ್ದರು. ರೇಷ್ಮೆ ಬೆಳೆಗಾರರು ಹಾಗೂ ವಿದ್ಯಾರ್ಥಿಗಳು ಭಾಗವಹಿಸಿದ್ದರು. ಈ ವೇಳೆ ಸಂಶೋಧನಾ ಪ್ರಬಂಧಗಳನ್ನು ಮಂಡಿಸಲಾಯಿತು.
ಕೇಂದ್ರ ರೇಷ್ಮೆ ಮಂಡಳಿ ಮಾರ್ಗದರ್ಶನದಲ್ಲಿ ಹಲವು ಯೋಜನೆಗಳು ಜಾರಿಯಲ್ಲಿವೆ. ರೈತರು ಇವುಗಳ ಸದುಪಯೋಗ ಪಡೆದುಕೊಳ್ಳಬೇಕು. ರೇಷ್ಮೆ ಉತ್ಪನ್ನಗಳಿಗೆ ಅಂತಾರಾಷ್ಟ್ರೀಯ ಮಾರುಕಟ್ಟೆಯಲ್ಲಿ ಉತ್ತಮ ಬೇಡಿಕೆ ಇದೆ. ಇದನ್ನು ಬಳಸಿಕೊಳ್ಳಲು ಗುಣಮಟ್ಟ ಕಾಪಾಡಬೇಕು ಎಂದು ತಿಳಿಸಿದರು.
